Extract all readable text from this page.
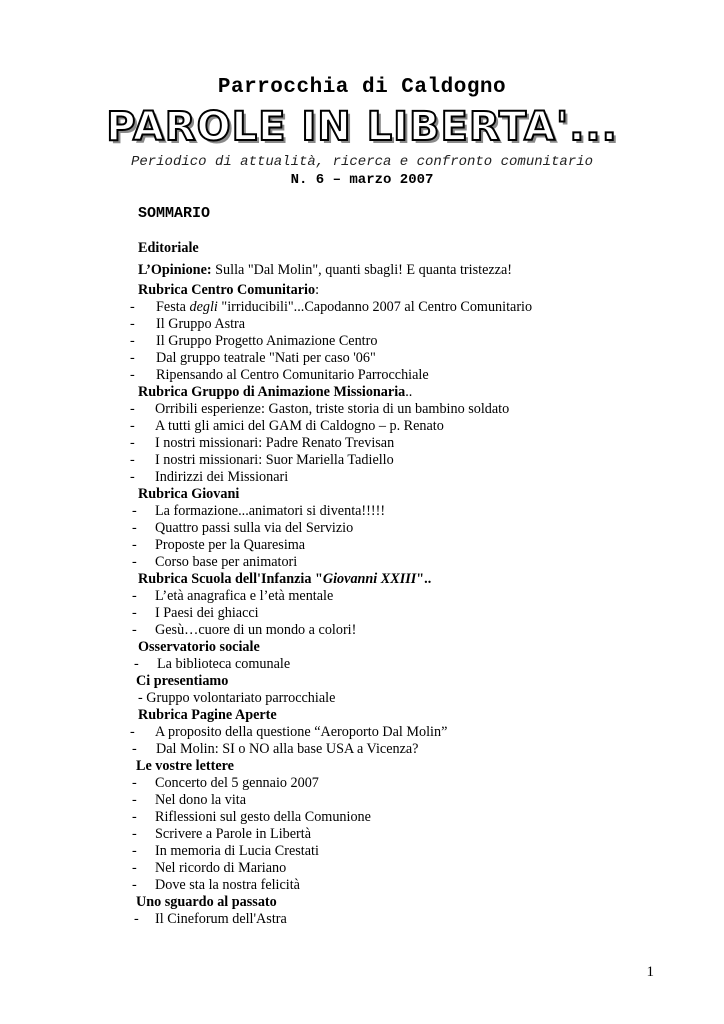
Parrocchia di Caldogno
PAROLE IN LIBERTA'...
Periodico di attualità, ricerca e confronto comunitario
N. 6 – marzo 2007
SOMMARIO
Editoriale
L’Opinione: Sulla "Dal Molin", quanti sbagli! E quanta tristezza!
Rubrica Centro Comunitario:
- Festa degli "irriducibili"...Capodanno 2007 al Centro Comunitario
- Il Gruppo Astra
- Il Gruppo Progetto Animazione Centro
- Dal gruppo teatrale "Nati per caso '06"
- Ripensando al Centro Comunitario Parrocchiale
Rubrica Gruppo di Animazione Missionaria..
- Orribili esperienze: Gaston, triste storia di un bambino soldato
- A tutti gli amici del GAM di Caldogno – p. Renato
- I nostri missionari: Padre Renato Trevisan
- I nostri missionari: Suor Mariella Tadiello
- Indirizzi dei Missionari
Rubrica Giovani
- La formazione...animatori si diventa!!!!!
- Quattro passi sulla via del Servizio
- Proposte per la Quaresima
- Corso base per animatori
Rubrica Scuola dell'Infanzia "Giovanni XXIII"..
- L’età anagrafica e l’età mentale
- I Paesi dei ghiacci
- Gesù…cuore di un mondo a colori!
Osservatorio sociale
- La biblioteca comunale
Ci presentiamo
- Gruppo volontariato parrocchiale
Rubrica Pagine Aperte
- A proposito della questione “Aeroporto Dal Molin”
- Dal Molin: SI o NO alla base USA a Vicenza?
Le vostre lettere
- Concerto del 5 gennaio 2007
- Nel dono la vita
- Riflessioni sul gesto della Comunione
- Scrivere a Parole in Libertà
- In memoria di Lucia Crestati
- Nel ricordo di Mariano
- Dove sta la nostra felicità
Uno sguardo al passato
- Il Cineforum dell'Astra
1
